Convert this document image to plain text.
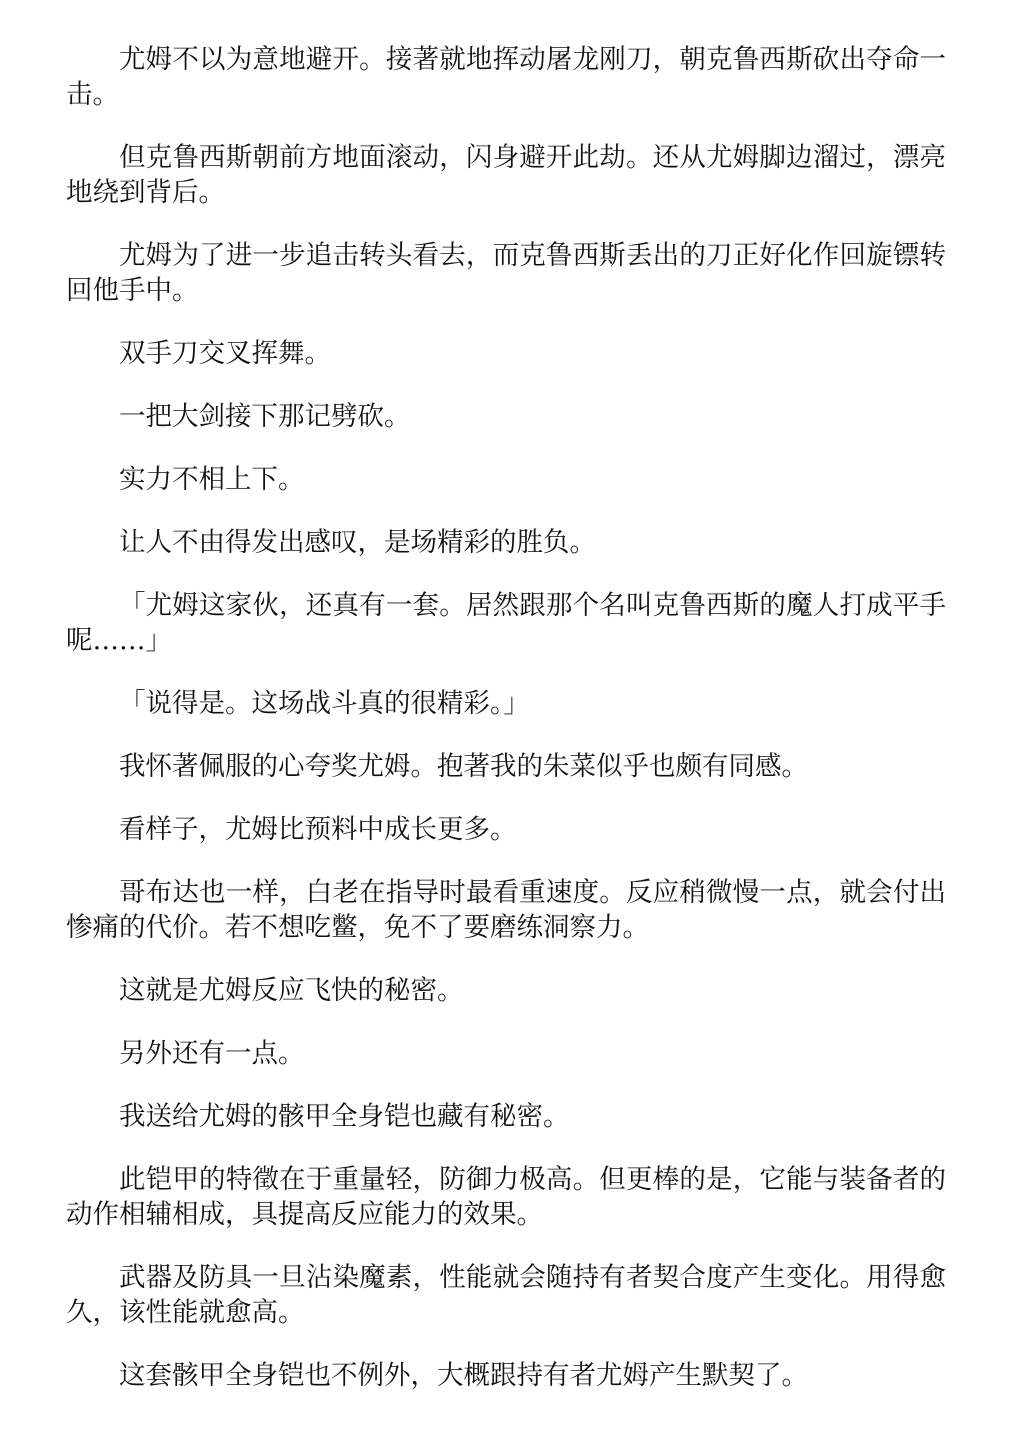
尤姆不以为意地避开。接著就地挥动屠龙刚刀，朝克鲁西斯砍出夺命一击。

但克鲁西斯朝前方地面滚动，闪身避开此劫。还从尤姆脚边溜过，漂亮地绕到背后。

尤姆为了进一步追击转头看去，而克鲁西斯丢出的刀正好化作回旋镖转回他手中。

双手刀交叉挥舞。

一把大剑接下那记劈砍。

实力不相上下。

让人不由得发出感叹，是场精彩的胜负。

「尤姆这家伙，还真有一套。居然跟那个名叫克鲁西斯的魔人打成平手呢……」

「说得是。这场战斗真的很精彩。」

我怀著佩服的心夸奖尤姆。抱著我的朱菜似乎也颇有同感。

看样子，尤姆比预料中成长更多。

哥布达也一样，白老在指导时最看重速度。反应稍微慢一点，就会付出惨痛的代价。若不想吃鳖，免不了要磨练洞察力。

这就是尤姆反应飞快的秘密。

另外还有一点。

我送给尤姆的骸甲全身铠也藏有秘密。

此铠甲的特徵在于重量轻，防御力极高。但更棒的是，它能与装备者的动作相辅相成，具提高反应能力的效果。

武器及防具一旦沾染魔素，性能就会随持有者契合度产生变化。用得愈久，该性能就愈高。

这套骸甲全身铠也不例外，大概跟持有者尤姆产生默契了。
